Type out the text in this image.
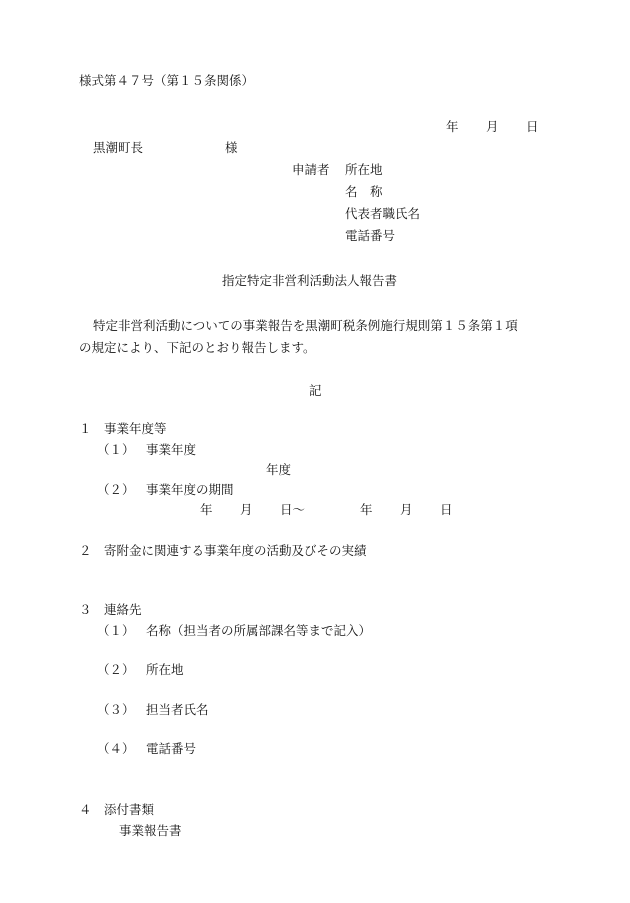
様式第４７号（第１５条関係）
年 月 日
黒潮町長	様
申請者 所在地
名　称
代表者職氏名
電話番号
指定特定非営利活動法人報告書
特定非営利活動についての事業報告を黒潮町税条例施行規則第１５条第１項
の規定により、下記のとおり報告します。
記
１　事業年度等
（１） 事業年度
年度
（２） 事業年度の期間
年 月 日〜	年 月 日
２　寄附金に関連する事業年度の活動及びその実績
３　連絡先
（１） 名称（担当者の所属部課名等まで記入）
（２） 所在地
（３） 担当者氏名
（４） 電話番号
４　添付書類
事業報告書
